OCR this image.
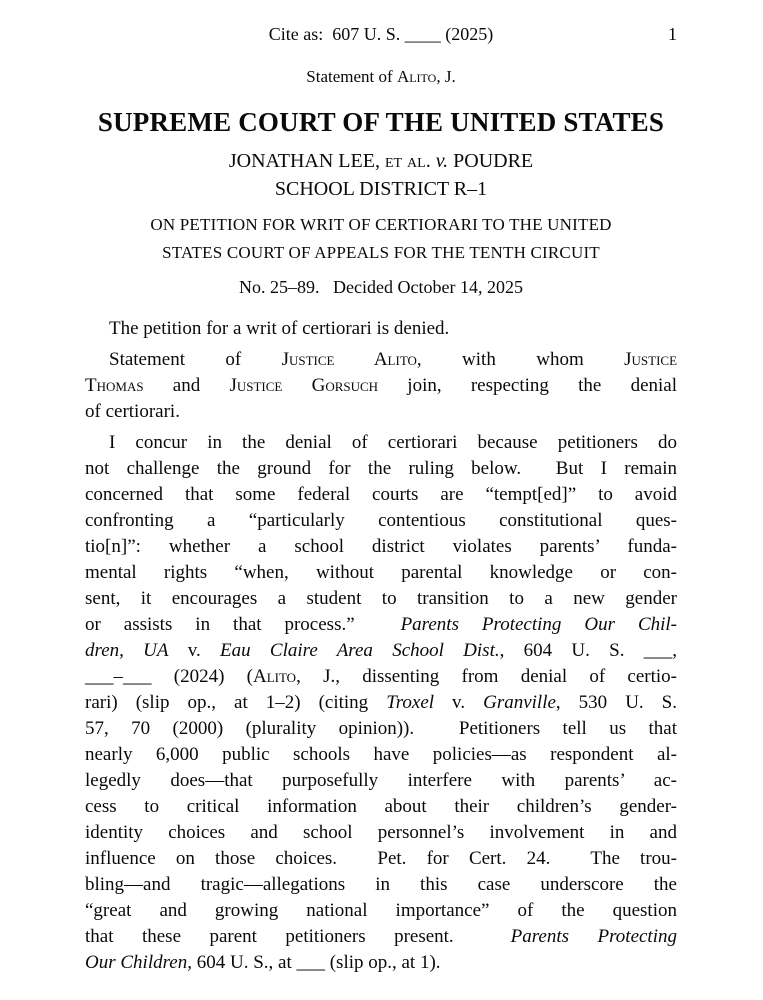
Cite as:  607 U. S. ____ (2025)	1
Statement of Alito, J.
SUPREME COURT OF THE UNITED STATES
JONATHAN LEE, et al. v. POUDRE
SCHOOL DISTRICT R–1
ON PETITION FOR WRIT OF CERTIORARI TO THE UNITED
STATES COURT OF APPEALS FOR THE TENTH CIRCUIT
No. 25–89.   Decided October 14, 2025
The petition for a writ of certiorari is denied.
Statement of Justice Alito, with whom Justice
Thomas and Justice Gorsuch join, respecting the denial
of certiorari.
I concur in the denial of certiorari because petitioners do
not challenge the ground for the ruling below.  But I remain
concerned that some federal courts are “tempt[ed]” to avoid
confronting a “particularly contentious constitutional ques-
tio[n]”: whether a school district violates parents’ funda-
mental rights “when, without parental knowledge or con-
sent, it encourages a student to transition to a new gender
or assists in that process.”  Parents Protecting Our Chil-
dren, UA v. Eau Claire Area School Dist., 604 U. S. ___,
___–___ (2024) (Alito, J., dissenting from denial of certio-
rari) (slip op., at 1–2) (citing Troxel v. Granville, 530 U. S.
57, 70 (2000) (plurality opinion)).  Petitioners tell us that
nearly 6,000 public schools have policies—as respondent al-
legedly does—that purposefully interfere with parents’ ac-
cess to critical information about their children’s gender-
identity choices and school personnel’s involvement in and
influence on those choices.  Pet. for Cert. 24.  The trou-
bling—and tragic—allegations in this case underscore the
“great and growing national importance” of the question
that these parent petitioners present.  Parents Protecting
Our Children, 604 U. S., at ___ (slip op., at 1).
